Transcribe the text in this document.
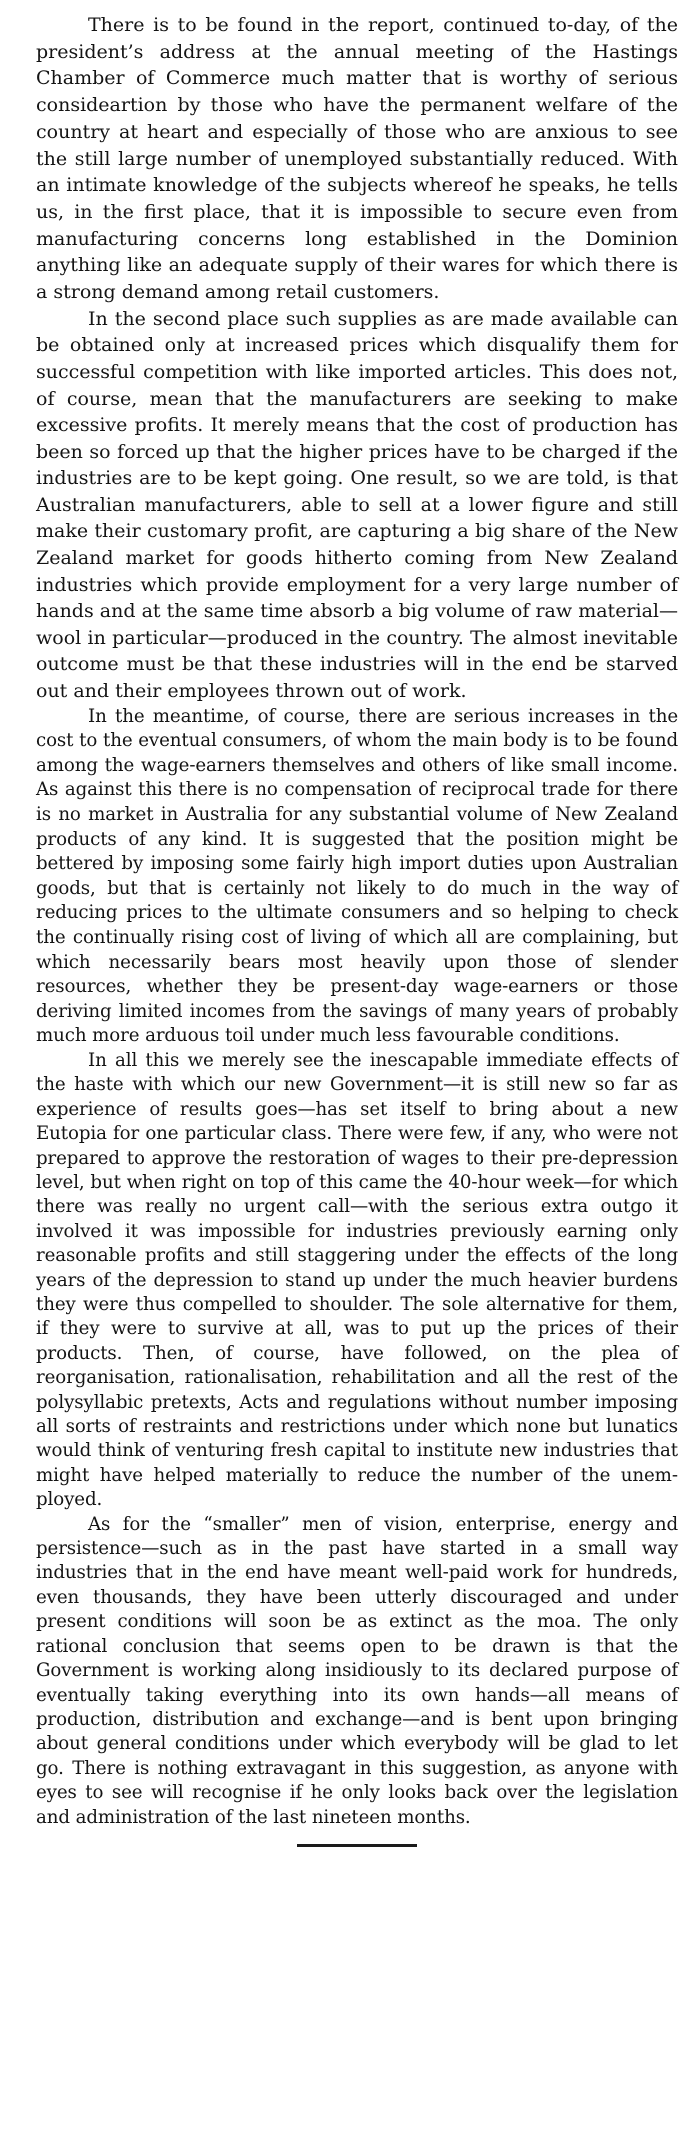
There is to be found in the report, continued to-day, of the president’s address at the annual meeting of the Hastings Chamber of Commerce much matter that is worthy of serious consideartion by those who have the permanent welfare of the country at heart and especially of those who are anxious to see the still large number of unemployed substantially reduced. With an intimate knowledge of the subjects whereof he speaks, he tells us, in the first place, that it is impossible to secure even from manufacturing concerns long established in the Dominion anything like an adequate supply of their wares for which there is a strong demand among retail customers.

In the second place such supplies as are made available can be obtained only at increased prices which disqualify them for successful competition with like imported articles. This does not, of course, mean that the manufacturers are seeking to make excessive profits. It merely means that the cost of production has been so forced up that the higher prices have to be charged if the industries are to be kept going. One result, so we are told, is that Australian manufacturers, able to sell at a lower figure and still make their customary profit, are capturing a big share of the New Zealand market for goods hitherto coming from New Zealand industries which provide employment for a very large number of hands and at the same time absorb a big volume of raw material—wool in particular—produced in the country. The almost inevitable outcome must be that these industries will in the end be starved out and their employees thrown out of work.

In the meantime, of course, there are serious increases in the cost to the eventual consumers, of whom the main body is to be found among the wage-earners themselves and others of like small income. As against this there is no compensation of reciprocal trade for there is no market in Australia for any substantial volume of New Zealand products of any kind. It is suggested that the position might be bettered by imposing some fairly high import duties upon Australian goods, but that is certainly not likely to do much in the way of reducing prices to the ultimate consumers and so helping to check the continually rising cost of living of which all are complaining, but which necessarily bears most heavily upon those of slender resources, whether they be present-day wage-earners or those deriving limited incomes from the savings of many years of probably much more arduous toil under much less favourable conditions.

In all this we merely see the inescapable immediate effects of the haste with which our new Government—it is still new so far as experience of results goes—has set itself to bring about a new Eutopia for one particular class. There were few, if any, who were not prepared to approve the restoration of wages to their pre-depression level, but when right on top of this came the 40-hour week—for which there was really no urgent call—with the serious extra outgo it involved it was impossible for industries previously earning only reasonable profits and still staggering under the effects of the long years of the depression to stand up under the much heavier burdens they were thus compelled to shoulder. The sole alternative for them, if they were to survive at all, was to put up the prices of their products. Then, of course, have followed, on the plea of reorganisation, rationalisation, rehabilitation and all the rest of the polysyllabic pretexts, Acts and regulations without number imposing all sorts of restraints and restrictions under which none but lunatics would think of venturing fresh capital to institute new industries that might have helped materially to reduce the number of the unemployed.

As for the “smaller” men of vision, enterprise, energy and persistence—such as in the past have started in a small way industries that in the end have meant well-paid work for hundreds, even thousands, they have been utterly discouraged and under present conditions will soon be as extinct as the moa. The only rational conclusion that seems open to be drawn is that the Government is working along insidiously to its declared purpose of eventually taking everything into its own hands—all means of production, distribution and exchange—and is bent upon bringing about general conditions under which everybody will be glad to let go. There is nothing extravagant in this suggestion, as anyone with eyes to see will recognise if he only looks back over the legislation and administration of the last nineteen months.
